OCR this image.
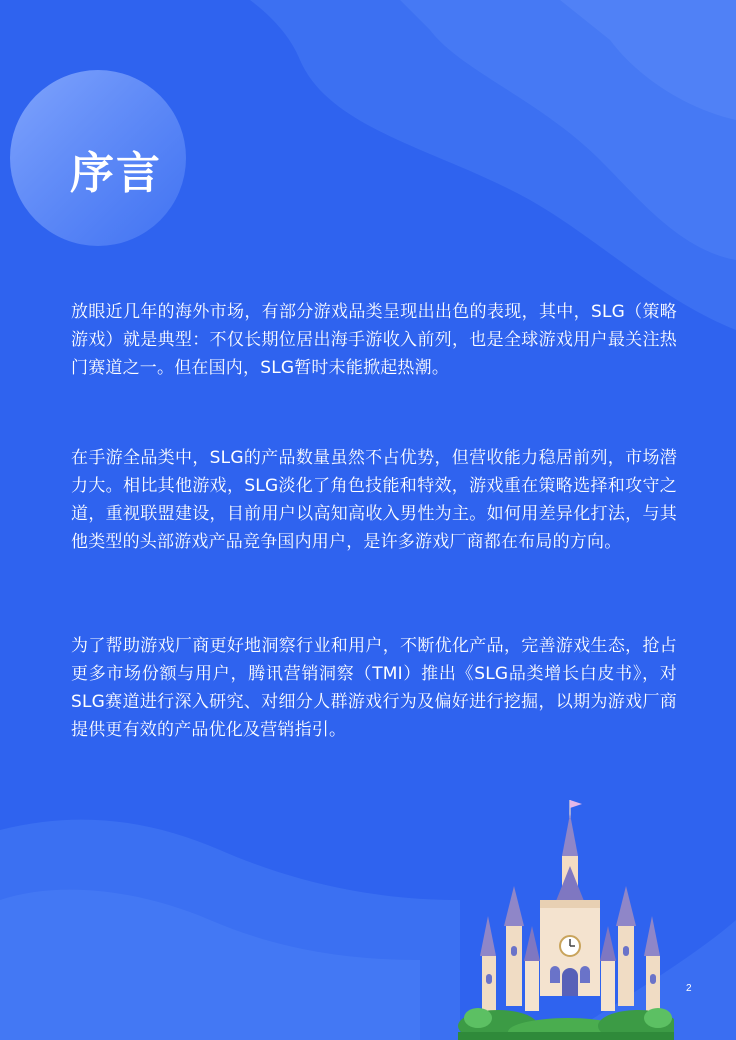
序言

放眼近几年的海外市场，有部分游戏品类呈现出出色的表现，其中，SLG（策略游戏）就是典型：不仅长期位居出海手游收入前列，也是全球游戏用户最关注热门赛道之一。但在国内，SLG暂时未能掀起热潮。

在手游全品类中，SLG的产品数量虽然不占优势，但营收能力稳居前列，市场潜力大。相比其他游戏，SLG淡化了角色技能和特效，游戏重在策略选择和攻守之道，重视联盟建设，目前用户以高知高收入男性为主。如何用差异化打法，与其他类型的头部游戏产品竞争国内用户，是许多游戏厂商都在布局的方向。

为了帮助游戏厂商更好地洞察行业和用户，不断优化产品，完善游戏生态，抢占更多市场份额与用户，腾讯营销洞察（TMI）推出《SLG品类增长白皮书》，对SLG赛道进行深入研究、对细分人群游戏行为及偏好进行挖掘，以期为游戏厂商提供更有效的产品优化及营销指引。

2
